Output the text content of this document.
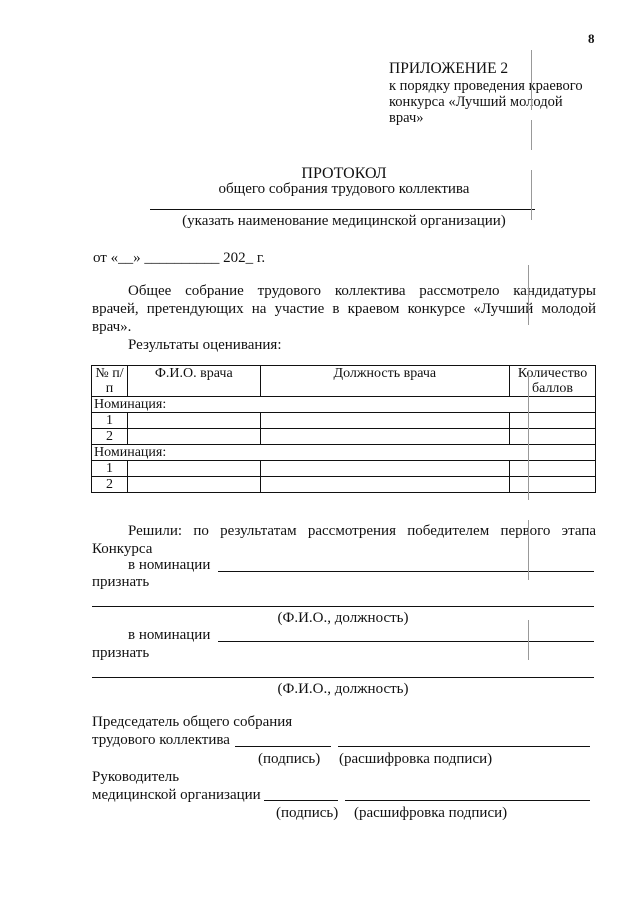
8
ПРИЛОЖЕНИЕ 2
к порядку проведения краевого
конкурса «Лучший молодой
врач»
ПРОТОКОЛ
общего собрания трудового коллектива
(указать наименование медицинской организации)
от «__» __________ 202_ г.

Общее собрание трудового коллектива рассмотрело кандидатуры врачей, претендующих на участие в краевом конкурсе «Лучший молодой врач».

Результаты оценивания:
№ п/п	Ф.И.О. врача	Должность врача	Количество баллов
Номинация:			
1			
2			
Номинация:			
1			
2			

Решили: по результатам рассмотрения победителем первого этапа Конкурса

в номинации
признать
(Ф.И.О., должность)
в номинации
признать
(Ф.И.О., должность)
Председатель общего собрания
трудового коллектива
(подпись) (расшифровка подписи)
Руководитель
медицинской организации
(подпись) (расшифровка подписи)
